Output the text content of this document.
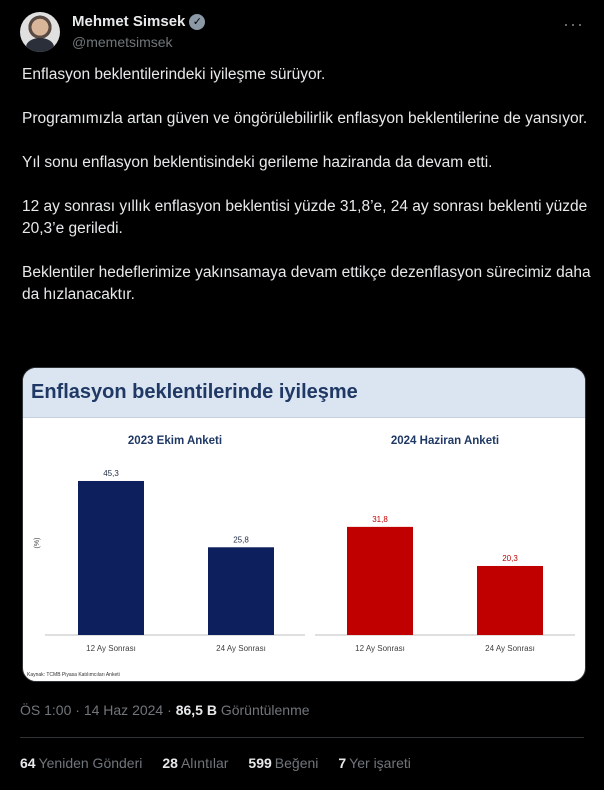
Mehmet Simsek ✓
@memetsimsek
···

Enflasyon beklentilerindeki iyileşme sürüyor.

Programımızla artan güven ve öngörülebilirlik enflasyon beklentilerine de yansıyor.

Yıl sonu enflasyon beklentisindeki gerileme haziranda da devam etti.

12 ay sonrası yıllık enflasyon beklentisi yüzde 31,8’e, 24 ay sonrası beklenti yüzde 20,3’e geriledi.

Beklentiler hedeflerimize yakınsamaya devam ettikçe dezenflasyon sürecimiz daha da hızlanacaktır.

Enflasyon beklentilerinde iyileşme
2023 Ekim Anketi
(%)
45,3
12 Ay Sonrası
25,8
24 Ay Sonrası
2024 Haziran Anketi
31,8
12 Ay Sonrası
20,3
24 Ay Sonrası
Kaynak: TCMB Piyasa Katılımcıları Anketi
ÖS 1:00 · 14 Haz 2024 · 86,5 B Görüntülenme
64 Yeniden Gönderi 28 Alıntılar 599 Beğeni 7 Yer işareti
